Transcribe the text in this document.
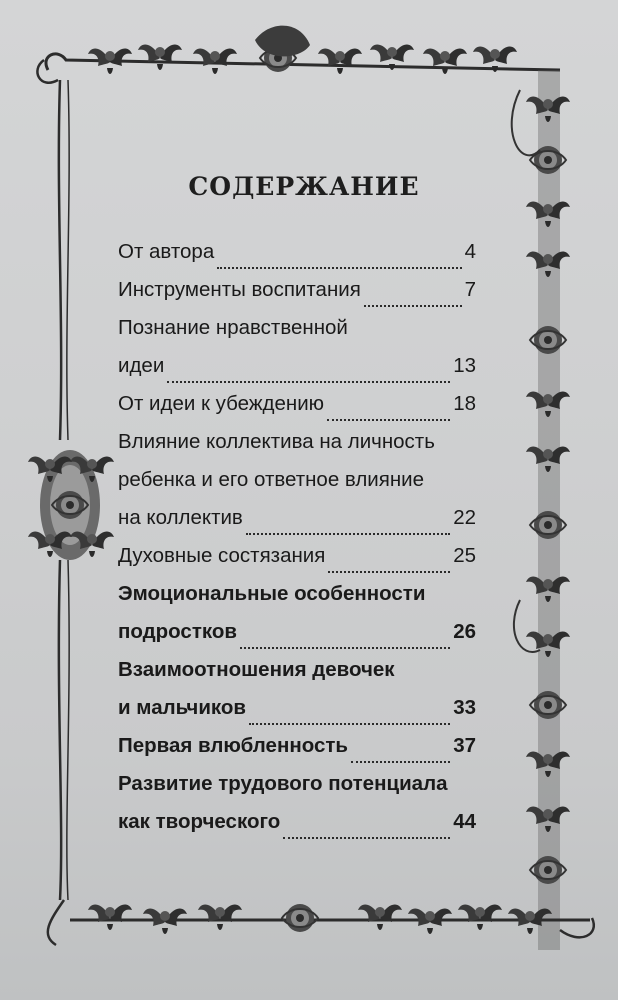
СОДЕРЖАНИЕ
От автора	4
Инструменты воспитания	7
Познание нравственной
идеи	13
От идеи к убеждению	18
Влияние коллектива на личность
ребенка и его ответное влияние
на коллектив	22
Духовные состязания	25
Эмоциональные особенности
подростков	26
Взаимоотношения девочек
и мальчиков	33
Первая влюбленность	37
Развитие трудового потенциала
как творческого	44
